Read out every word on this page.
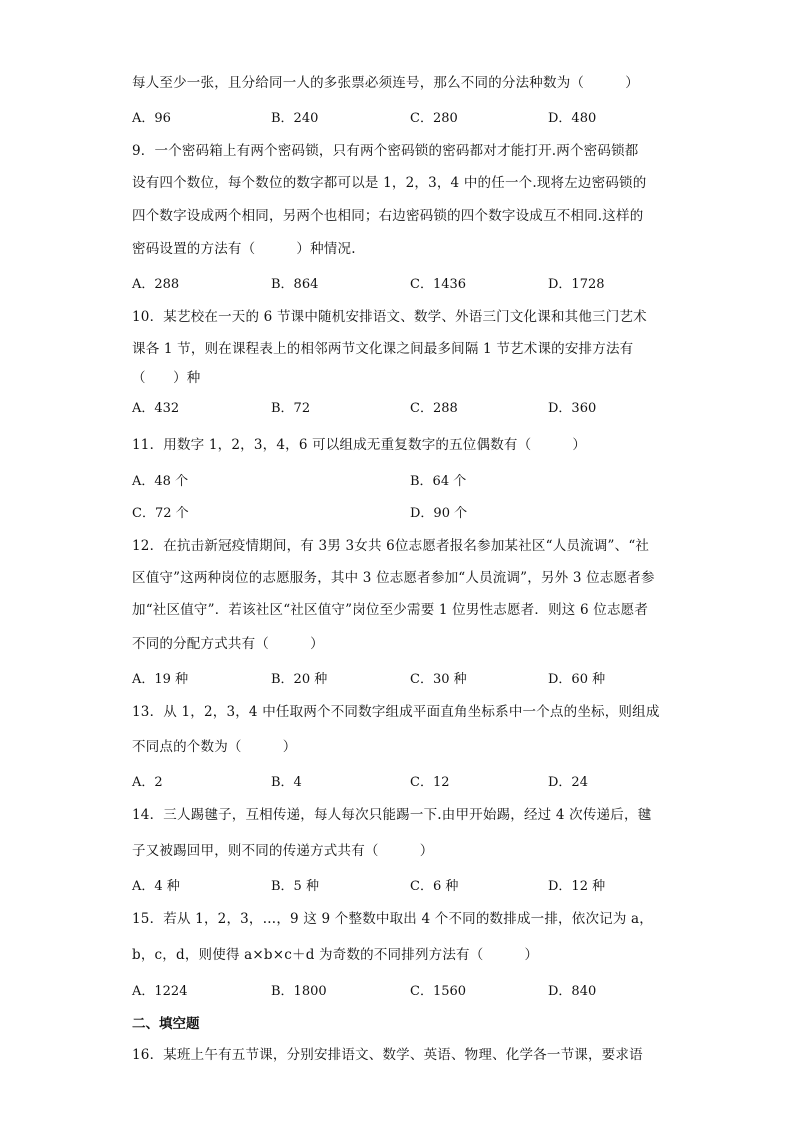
每人至少一张，且分给同一人的多张票必须连号，那么不同的分法种数为（　　　）
A．96	B．240	C．280	D．480
9．一个密码箱上有两个密码锁，只有两个密码锁的密码都对才能打开.两个密码锁都
设有四个数位，每个数位的数字都可以是 1，2，3，4 中的任一个.现将左边密码锁的
四个数字设成两个相同，另两个也相同；右边密码锁的四个数字设成互不相同.这样的
密码设置的方法有（　　　）种情况.
A．288	B．864	C．1436	D．1728
10．某艺校在一天的 6 节课中随机安排语文、数学、外语三门文化课和其他三门艺术
课各 1 节，则在课程表上的相邻两节文化课之间最多间隔 1 节艺术课的安排方法有
（　　）种
A．432	B．72	C．288	D．360
11．用数字 1，2，3，4，6 可以组成无重复数字的五位偶数有（　　　）
A．48 个	B．64 个
C．72 个	D．90 个
12．在抗击新冠疫情期间，有 3男 3女共 6位志愿者报名参加某社区“人员流调”、“社
区值守”这两种岗位的志愿服务，其中 3 位志愿者参加“人员流调”，另外 3 位志愿者参
加“社区值守”．若该社区“社区值守”岗位至少需要 1 位男性志愿者．则这 6 位志愿者
不同的分配方式共有（　　　）
A．19 种	B．20 种	C．30 种	D．60 种
13．从 1，2，3，4 中任取两个不同数字组成平面直角坐标系中一个点的坐标，则组成
不同点的个数为（　　　）
A．2	B．4	C．12	D．24
14．三人踢毽子，互相传递，每人每次只能踢一下.由甲开始踢，经过 4 次传递后，毽
子又被踢回甲，则不同的传递方式共有（　　　）
A．4 种	B．5 种	C．6 种	D．12 种
15．若从 1，2，3，…，9 这 9 个整数中取出 4 个不同的数排成一排，依次记为 a，
b，c，d，则使得 a×b×c＋d 为奇数的不同排列方法有（　　　）
A．1224	B．1800	C．1560	D．840
二、填空题
16．某班上午有五节课，分别安排语文、数学、英语、物理、化学各一节课，要求语
